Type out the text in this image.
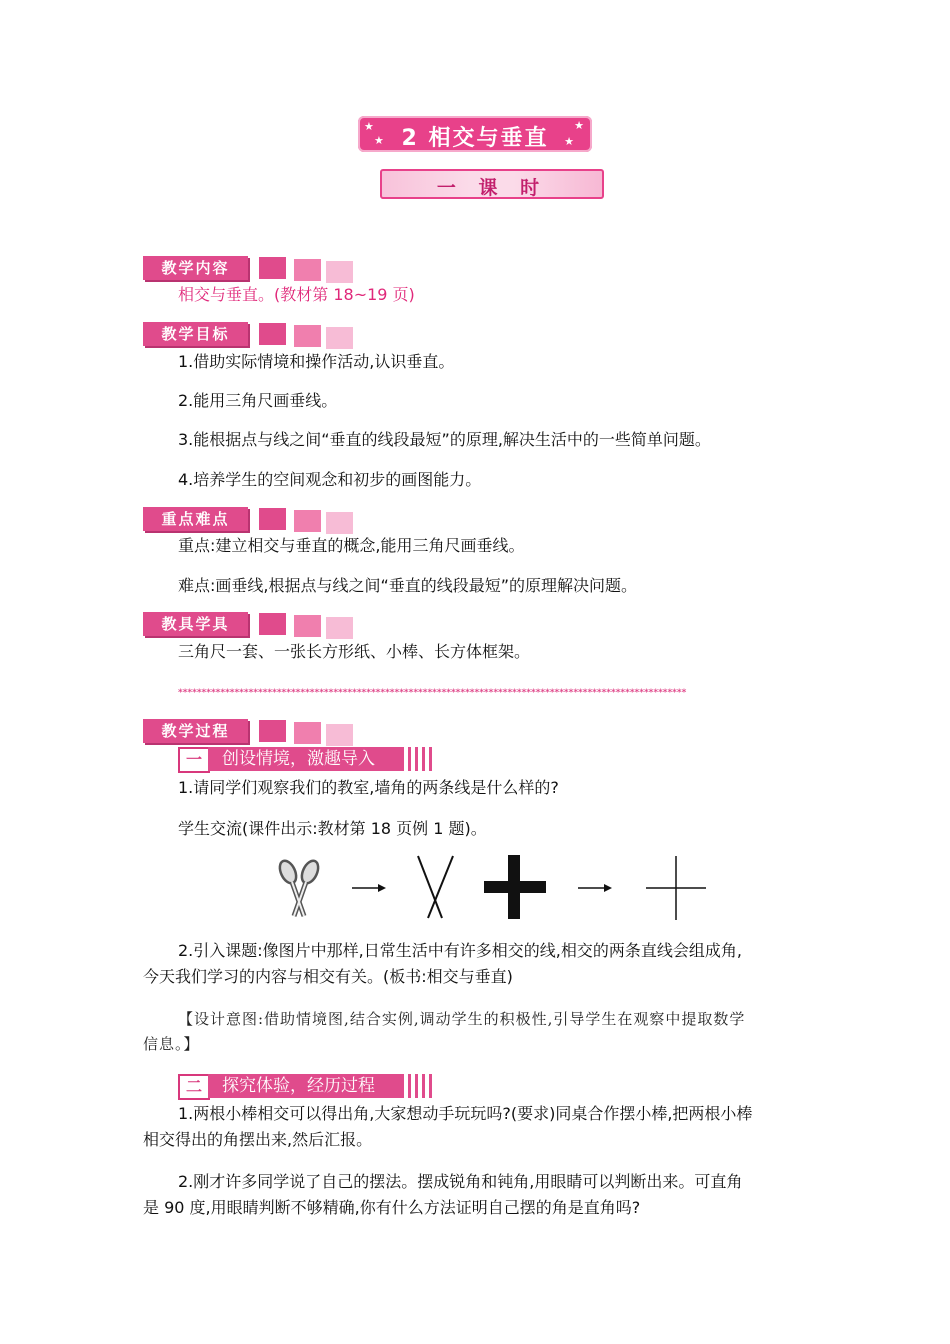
★
★
★
★
2 相交与垂直
一 课 时
教学内容
相交与垂直。(教材第 18~19 页)
教学目标
1.借助实际情境和操作活动,认识垂直。
2.能用三角尺画垂线。
3.能根据点与线之间“垂直的线段最短”的原理,解决生活中的一些简单问题。
4.培养学生的空间观念和初步的画图能力。
重点难点
重点:建立相交与垂直的概念,能用三角尺画垂线。
难点:画垂线,根据点与线之间“垂直的线段最短”的原理解决问题。
教具学具
三角尺一套、一张长方形纸、小棒、长方体框架。
************************************************************************************************************
教学过程
一	创设情境，激趣导入
1.请同学们观察我们的教室,墙角的两条线是什么样的?
学生交流(课件出示:教材第 18 页例 1 题)。
2.引入课题:像图片中那样,日常生活中有许多相交的线,相交的两条直线会组成角,
今天我们学习的内容与相交有关。(板书:相交与垂直)
【设计意图:借助情境图,结合实例,调动学生的积极性,引导学生在观察中提取数学
信息。】
二	探究体验，经历过程
1.两根小棒相交可以得出角,大家想动手玩玩吗?(要求)同桌合作摆小棒,把两根小棒
相交得出的角摆出来,然后汇报。
2.刚才许多同学说了自己的摆法。摆成锐角和钝角,用眼睛可以判断出来。可直角
是 90 度,用眼睛判断不够精确,你有什么方法证明自己摆的角是直角吗?
